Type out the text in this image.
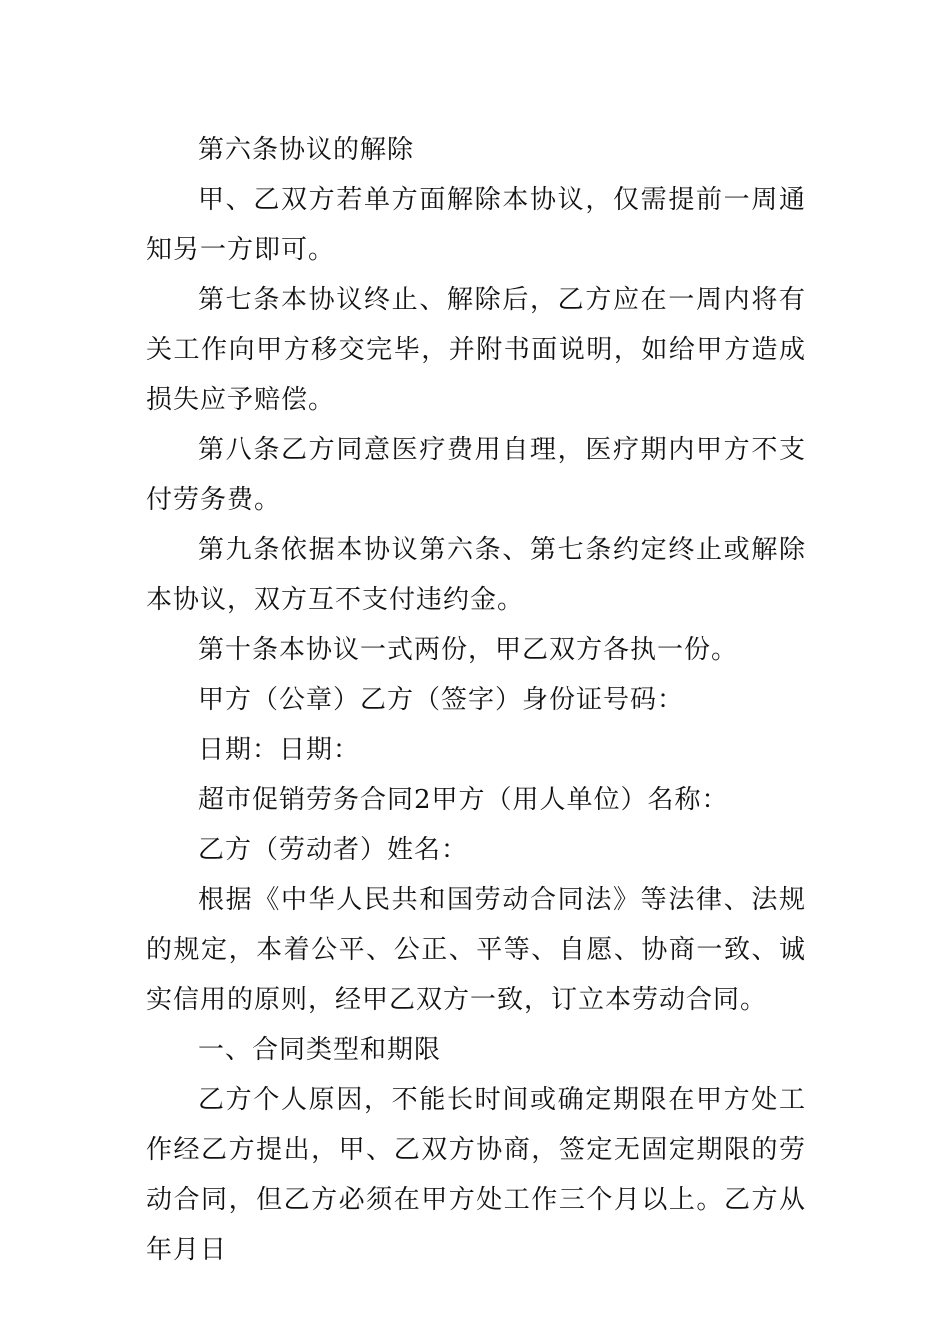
第六条协议的解除

甲、乙双方若单方面解除本协议，仅需提前一周通知另一方即可。

第七条本协议终止、解除后，乙方应在一周内将有关工作向甲方移交完毕，并附书面说明，如给甲方造成损失应予赔偿。

第八条乙方同意医疗费用自理，医疗期内甲方不支付劳务费。

第九条依据本协议第六条、第七条约定终止或解除本协议，双方互不支付违约金。

第十条本协议一式两份，甲乙双方各执一份。

甲方（公章）乙方（签字）身份证号码：

日期：日期：

超市促销劳务合同2甲方（用人单位）名称：

乙方（劳动者）姓名：

根据《中华人民共和国劳动合同法》等法律、法规的规定，本着公平、公正、平等、自愿、协商一致、诚实信用的原则，经甲乙双方一致，订立本劳动合同。

一、合同类型和期限

乙方个人原因，不能长时间或确定期限在甲方处工作经乙方提出，甲、乙双方协商，签定无固定期限的劳动合同，但乙方必须在甲方处工作三个月以上。乙方从年月日
